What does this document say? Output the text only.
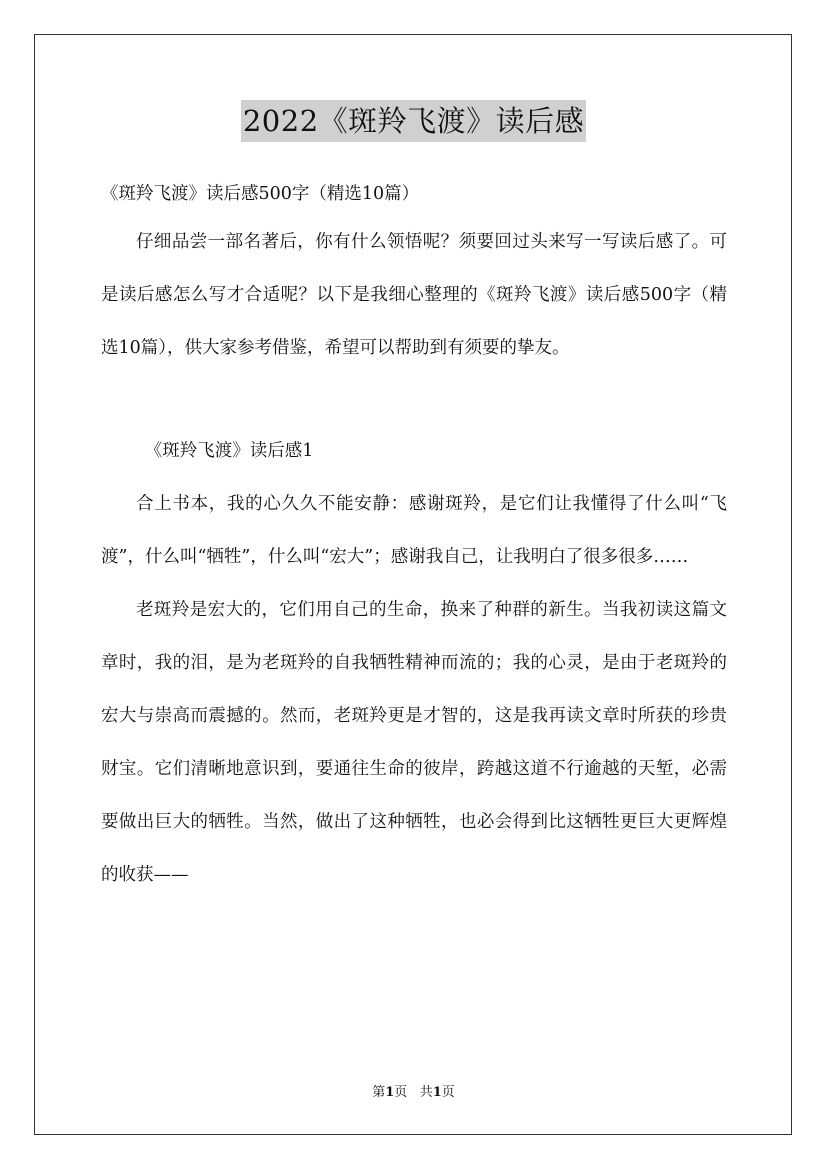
2022《斑羚飞渡》读后感
《斑羚飞渡》读后感500字（精选10篇）

仔细品尝一部名著后，你有什么领悟呢？须要回过头来写一写读后感了。可是读后感怎么写才合适呢？以下是我细心整理的《斑羚飞渡》读后感500字（精选10篇），供大家参考借鉴，希望可以帮助到有须要的挚友。

《斑羚飞渡》读后感1

合上书本，我的心久久不能安静：感谢斑羚，是它们让我懂得了什么叫“飞渡”，什么叫“牺牲”，什么叫“宏大”；感谢我自己，让我明白了很多很多……

老斑羚是宏大的，它们用自己的生命，换来了种群的新生。当我初读这篇文章时，我的泪，是为老斑羚的自我牺牲精神而流的；我的心灵，是由于老斑羚的宏大与崇高而震撼的。然而，老斑羚更是才智的，这是我再读文章时所获的珍贵财宝。它们清晰地意识到，要通往生命的彼岸，跨越这道不行逾越的天堑，必需要做出巨大的牺牲。当然，做出了这种牺牲，也必会得到比这牺牲更巨大更辉煌的收获——

第1页 共1页
